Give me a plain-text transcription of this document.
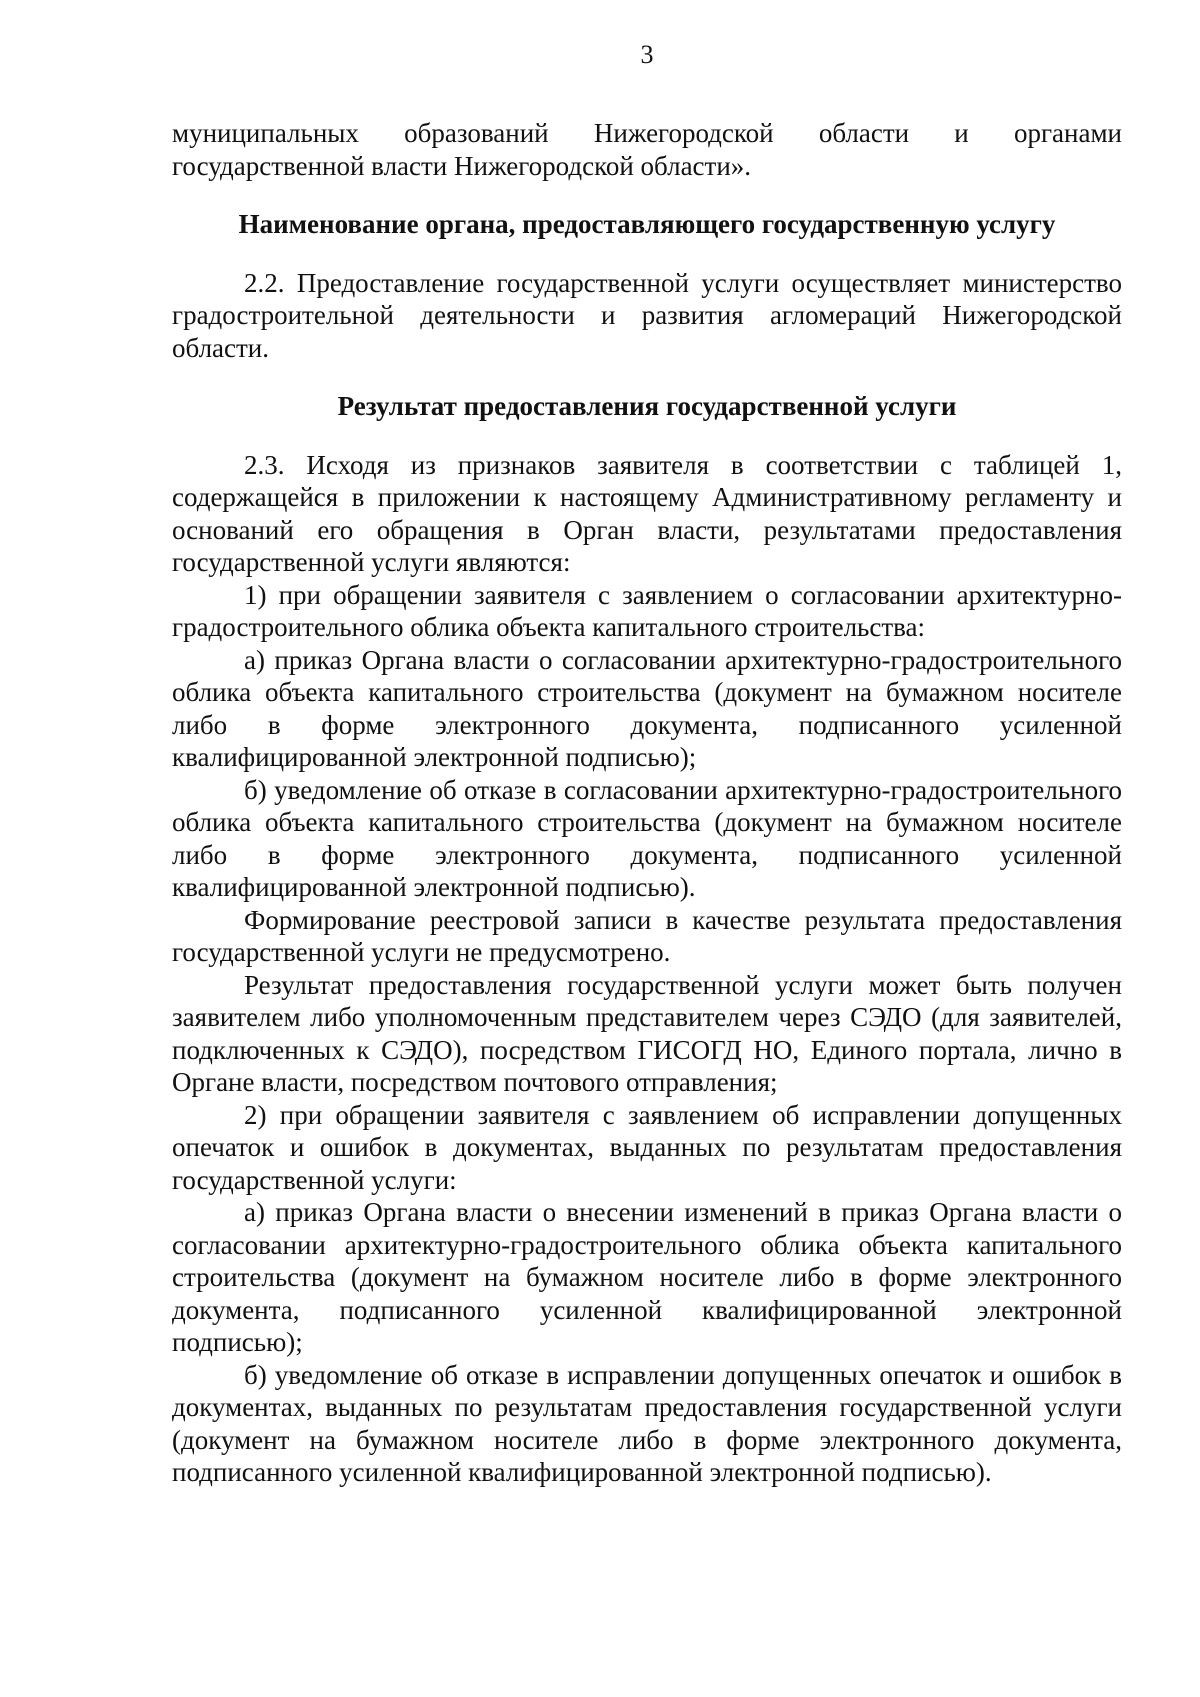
3

муниципальных образований Нижегородской области и органами государственной власти Нижегородской области».

Наименование органа, предоставляющего государственную услугу

2.2. Предоставление государственной услуги осуществляет министерство градостроительной деятельности и развития агломераций Нижегородской области.

Результат предоставления государственной услуги

2.3. Исходя из признаков заявителя в соответствии с таблицей 1, содержащейся в приложении к настоящему Административному регламенту и оснований его обращения в Орган власти, результатами предоставления государственной услуги являются:

1) при обращении заявителя с заявлением о согласовании архитектурно-градостроительного облика объекта капитального строительства:

а) приказ Органа власти о согласовании архитектурно-градостроительного облика объекта капитального строительства (документ на бумажном носителе либо в форме электронного документа, подписанного усиленной квалифицированной электронной подписью);

б) уведомление об отказе в согласовании архитектурно-градостроительного облика объекта капитального строительства (документ на бумажном носителе либо в форме электронного документа, подписанного усиленной квалифицированной электронной подписью).

Формирование реестровой записи в качестве результата предоставления государственной услуги не предусмотрено.

Результат предоставления государственной услуги может быть получен заявителем либо уполномоченным представителем через СЭДО (для заявителей, подключенных к СЭДО), посредством ГИСОГД НО, Единого портала, лично в Органе власти, посредством почтового отправления;

2) при обращении заявителя с заявлением об исправлении допущенных опечаток и ошибок в документах, выданных по результатам предоставления государственной услуги:

а) приказ Органа власти о внесении изменений в приказ Органа власти о согласовании архитектурно-градостроительного облика объекта капитального строительства (документ на бумажном носителе либо в форме электронного документа, подписанного усиленной квалифицированной электронной подписью);

б) уведомление об отказе в исправлении допущенных опечаток и ошибок в документах, выданных по результатам предоставления государственной услуги (документ на бумажном носителе либо в форме электронного документа, подписанного усиленной квалифицированной электронной подписью).
